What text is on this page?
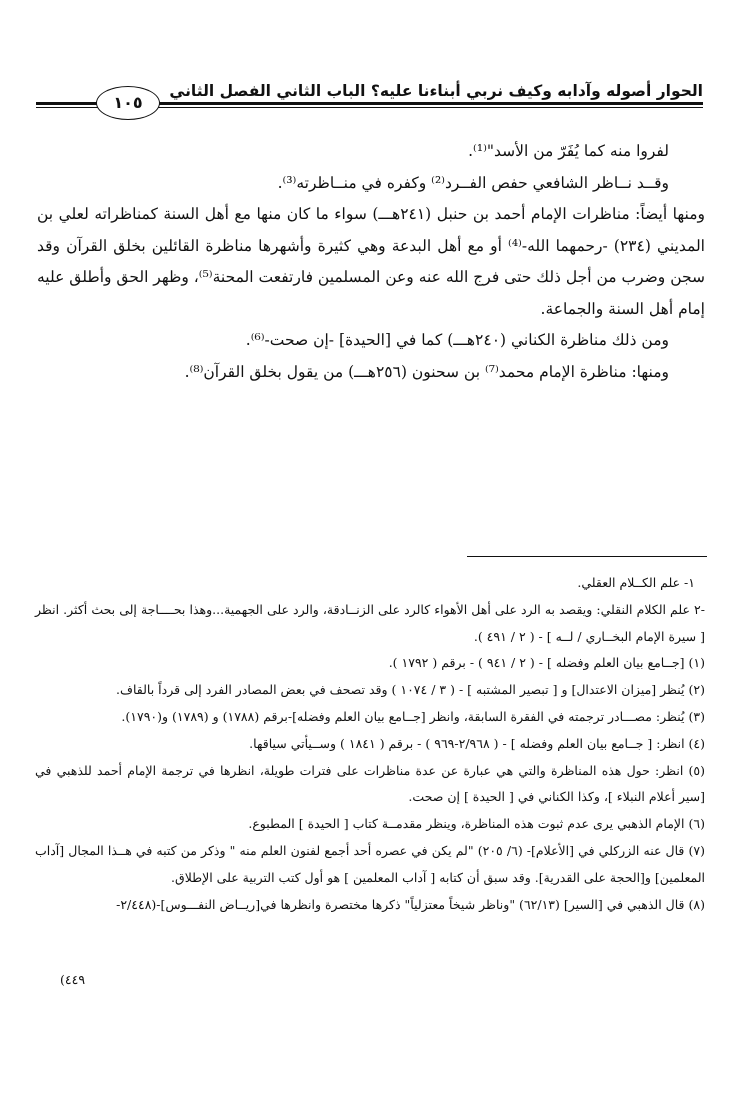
الحوار أصوله وآدابه وكيف نربي أبناءنا عليه؟ الباب الثاني الفصل الثاني
١٠٥

لفروا منه كما يُفَرّ من الأسد"⁽¹⁾.

وقــد نــاظر الشافعي حفص الفــرد⁽²⁾ وكفره في منــاظرته⁽³⁾.

ومنها أيضاً: مناظرات الإمام أحمد بن حنبل (٢٤١هـــ) سواء ما كان منها مع أهل السنة كمناظراته لعلي بن المديني (٢٣٤) -رحمهما الله-⁽⁴⁾ أو مع أهل البدعة وهي كثيرة وأشهرها مناظرة القائلين بخلق القرآن وقد سجن وضرب من أجل ذلك حتى فرج الله عنه وعن المسلمين فارتفعت المحنة⁽⁵⁾، وظهر الحق وأطلق عليه إمام أهل السنة والجماعة.

ومن ذلك مناظرة الكناني (٢٤٠هـــ) كما في [الحيدة] -إن صحت-⁽⁶⁾.

ومنها: مناظرة الإمام محمد⁽⁷⁾ بن سحنون (٢٥٦هـــ) من يقول بخلق القرآن⁽⁸⁾.

١- علم الكــلام العقلي.

-٢ علم الكلام النقلي: ويقصد به الرد على أهل الأهواء كالرد على الزنــادقة، والرد على الجهمية...وهذا بحــــاجة إلى بحث أكثر. انظر [ سيرة الإمام البخــاري / لــه ] - ( ٢ / ٤٩١ ).

(١) [جــامع بيان العلم وفضله ] - ( ٢ / ٩٤١ ) - برقم ( ١٧٩٢ ).

(٢) يُنظر [ميزان الاعتدال] و [ تبصير المشتبه ] - ( ٣ / ١٠٧٤ ) وقد تصحف في بعض المصادر الفرد إلى قرداً بالقاف.

(٣) يُنظر: مصـــادر ترجمته في الفقرة السابقة، وانظر [جــامع بيان العلم وفضله]-برقم (١٧٨٨) و (١٧٨٩) و(١٧٩٠).

(٤) انظر: [ جــامع بيان العلم وفضله ] - ( ٢/٩٦٨-٩٦٩ ) - برقم ( ١٨٤١ ) وســيأتي سياقها.

(٥) انظر: حول هذه المناظرة والتي هي عبارة عن عدة مناظرات على فترات طويلة، انظرها في ترجمة الإمام أحمد للذهبي في [سير أعلام النبلاء ]، وكذا الكناني في [ الحيدة ] إن صحت.

(٦) الإمام الذهبي يرى عدم ثبوت هذه المناظرة، وينظر مقدمــة كتاب [ الحيدة ] المطبوع.

(٧) قال عنه الزركلي في [الأعلام]- (٦/ ٢٠٥) "لم يكن في عصره أحد أجمع لفنون العلم منه " وذكر من كتبه في هــذا المجال [آداب المعلمين] و[الحجة على القدرية]. وقد سبق أن كتابه [ آداب المعلمين ] هو أول كتب التربية على الإطلاق.

(٨) قال الذهبي في [السير] (٦٢/١٣) "وناظر شيخاً معتزلياً" ذكرها مختصرة وانظرها في[ريــاض النفـــوس]-(٢/٤٤٨-

٤٤٩)
